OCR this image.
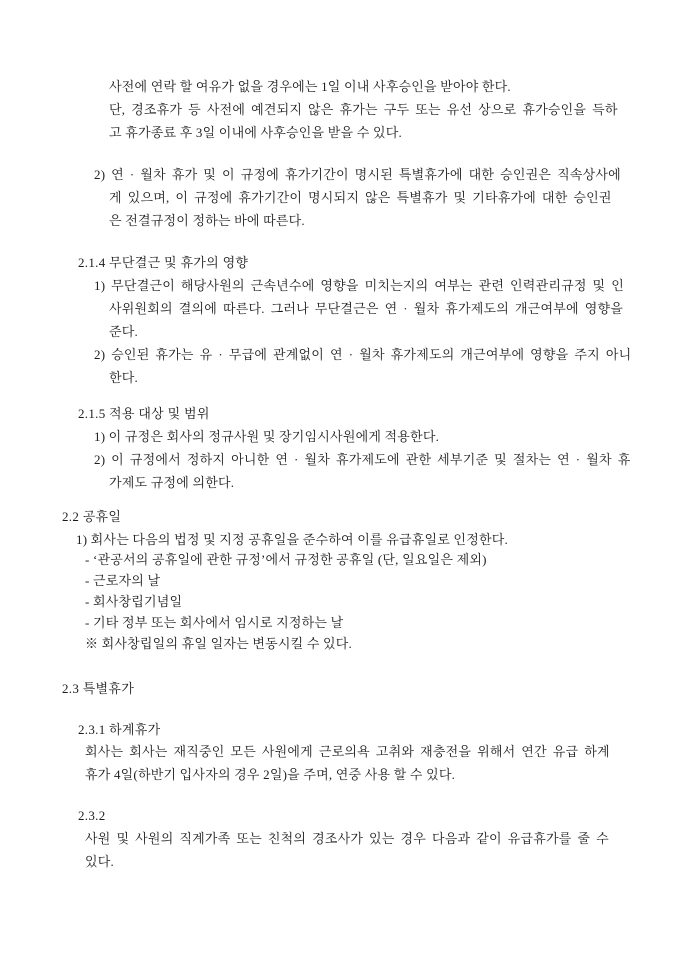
사전에 연락 할 여유가 없을 경우에는 1일 이내 사후승인을 받아야 한다.
단, 경조휴가 등 사전에 예견되지 않은 휴가는 구두 또는 유선 상으로 휴가승인을 득하
고 휴가종료 후 3일 이내에 사후승인을 받을 수 있다.
2) 연 · 월차 휴가 및 이 규정에 휴가기간이 명시된 특별휴가에 대한 승인권은 직속상사에
게 있으며, 이 규정에 휴가기간이 명시되지 않은 특별휴가 및 기타휴가에 대한 승인권
은 전결규정이 정하는 바에 따른다.
2.1.4 무단결근 및 휴가의 영향
1) 무단결근이 해당사원의 근속년수에 영향을 미치는지의 여부는 관련 인력관리규정 및 인
사위원회의 결의에 따른다. 그러나 무단결근은 연 · 월차 휴가제도의 개근여부에 영향을
준다.
2) 승인된 휴가는 유 · 무급에 관계없이 연 · 월차 휴가제도의 개근여부에 영향을 주지 아니
한다.
2.1.5 적용 대상 및 범위
1) 이 규정은 회사의 정규사원 및 장기임시사원에게 적용한다.
2) 이 규정에서 정하지 아니한 연 · 월차 휴가제도에 관한 세부기준 및 절차는 연 · 월차 휴
가제도 규정에 의한다.
2.2 공휴일
1) 회사는 다음의 법정 및 지정 공휴일을 준수하여 이를 유급휴일로 인정한다.
- ‘관공서의 공휴일에 관한 규정’에서 규정한 공휴일 (단, 일요일은 제외)
- 근로자의 날
- 회사창립기념일
- 기타 정부 또는 회사에서 임시로 지정하는 날
※ 회사창립일의 휴일 일자는 변동시킬 수 있다.
2.3 특별휴가
2.3.1 하계휴가
회사는 회사는 재직중인 모든 사원에게 근로의욕 고취와 재충전을 위해서 연간 유급 하계
휴가 4일(하반기 입사자의 경우 2일)을 주며, 연중 사용 할 수 있다.
2.3.2
사원 및 사원의 직계가족 또는 친척의 경조사가 있는 경우 다음과 같이 유급휴가를 줄 수
있다.
